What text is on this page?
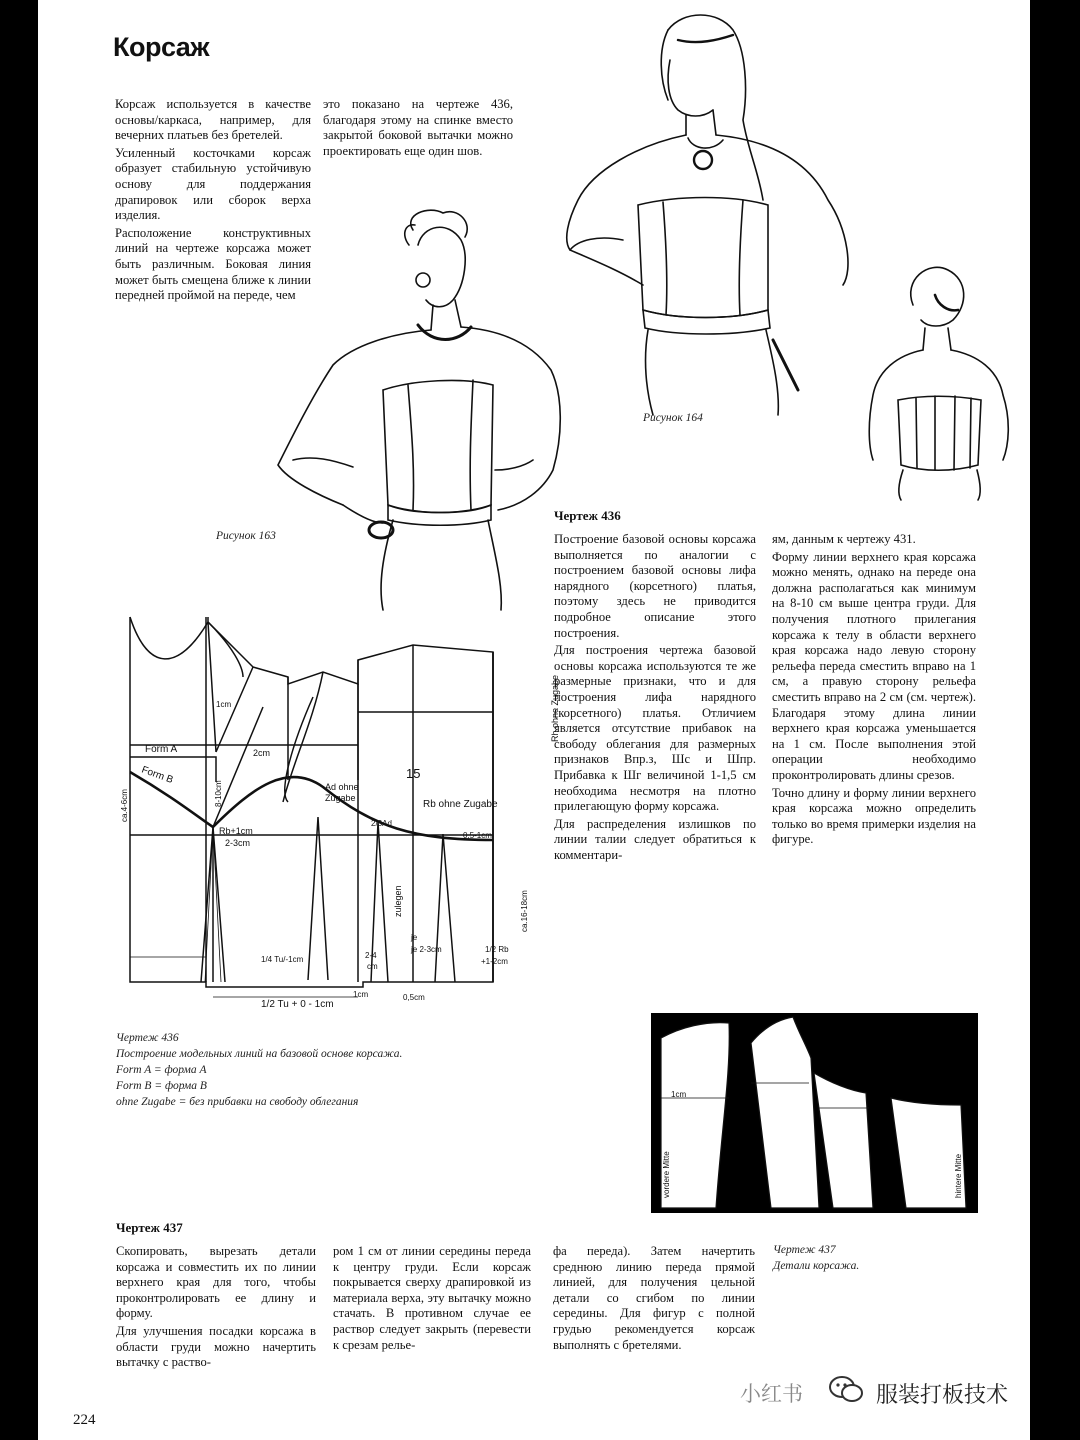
Корсаж

Корсаж используется в качестве основы/каркаса, например, для вечерних платьев без бретелей.

Усиленный косточками корсаж образует стабильную устойчивую основу для поддержания драпировок или сборок верха изделия.

Расположение конструктивных линий на чертеже корсажа может быть различным. Боковая линия может быть смещена ближе к линии передней проймой на переде, чем

это показано на чертеже 436, благодаря этому на спинке вместо закрытой боковой вытачки можно проектировать еще один шов.

Рисунок 163
Рисунок 164
Чертеж 436

Построение базовой основы корсажа выполняется по аналогии с построением базовой основы лифа нарядного (корсетного) платья, поэтому здесь не приводится подробное описание этого построения.

Для построения чертежа базовой основы корсажа используются те же размерные признаки, что и для построения лифа нарядного (корсетного) платья. Отличием является отсутствие прибавок на свободу облегания для размерных признаков Впр.з, Шс и Шпр. Прибавка к Шг величиной 1-1,5 см необходима несмотря на плотно прилегающую форму корсажа.

Для распределения излишков по линии талии следует обратиться к комментари-

ям, данным к чертежу 431.

Форму линии верхнего края корсажа можно менять, однако на переде она должна располагаться как минимум на 8-10 см выше центра груди. Для получения плотного прилегания корсажа к телу в области верхнего края корсажа надо левую сторону рельефа переда сместить вправо на 1 см, а правую сторону рельефа сместить вправо на 2 см (см. чертеж). Благодаря этому длина линии верхнего края корсажа уменьшается на 1 см. После выполнения этой операции необходимо проконтролировать длины срезов.

Точно длину и форму линии верхнего края корсажа можно определить только во время примерки изделия на фигуре.

Form A
Form B
ca.4-6cm
1cm
2cm
8-10cm
Rb+1cm
2-3cm
Ad ohne
Zugabe
15
Rb ohne Zugabe
Rh ohne Zugabe
2/3Ad
0,5-1cm
zulegen	ca.16-18cm
1/4 Tu/-1cm	2-4
cm
je
je 2-3cm	1/2 Rb
+1-2cm
1/2 Tu + 0 - 1cm
1cm	0,5cm
Чертеж 436
Построение модельных линий на базовой основе корсажа.
Form A = форма A
Form B = форма B
ohne Zugabe = без прибавки на свободу облегания
1cm
vordere Mitte	hintere Mitte
Чертеж 437

Скопировать, вырезать детали корсажа и совместить их по линии верхнего края для того, чтобы проконтролировать ее длину и форму.

Для улучшения посадки корсажа в области груди можно начертить вытачку с раство-

ром 1 см от линии середины переда к центру груди. Если корсаж покрывается сверху драпировкой из материала верха, эту вытачку можно стачать. В противном случае ее раствор следует закрыть (перевести к срезам релье-

фа переда). Затем начертить среднюю линию переда прямой линией, для получения цельной детали со сгибом по линии середины. Для фигур с полной грудью рекомендуется корсаж выполнять с бретелями.

Чертеж 437
Детали корсажа.
224
小红书	服装打板技术
